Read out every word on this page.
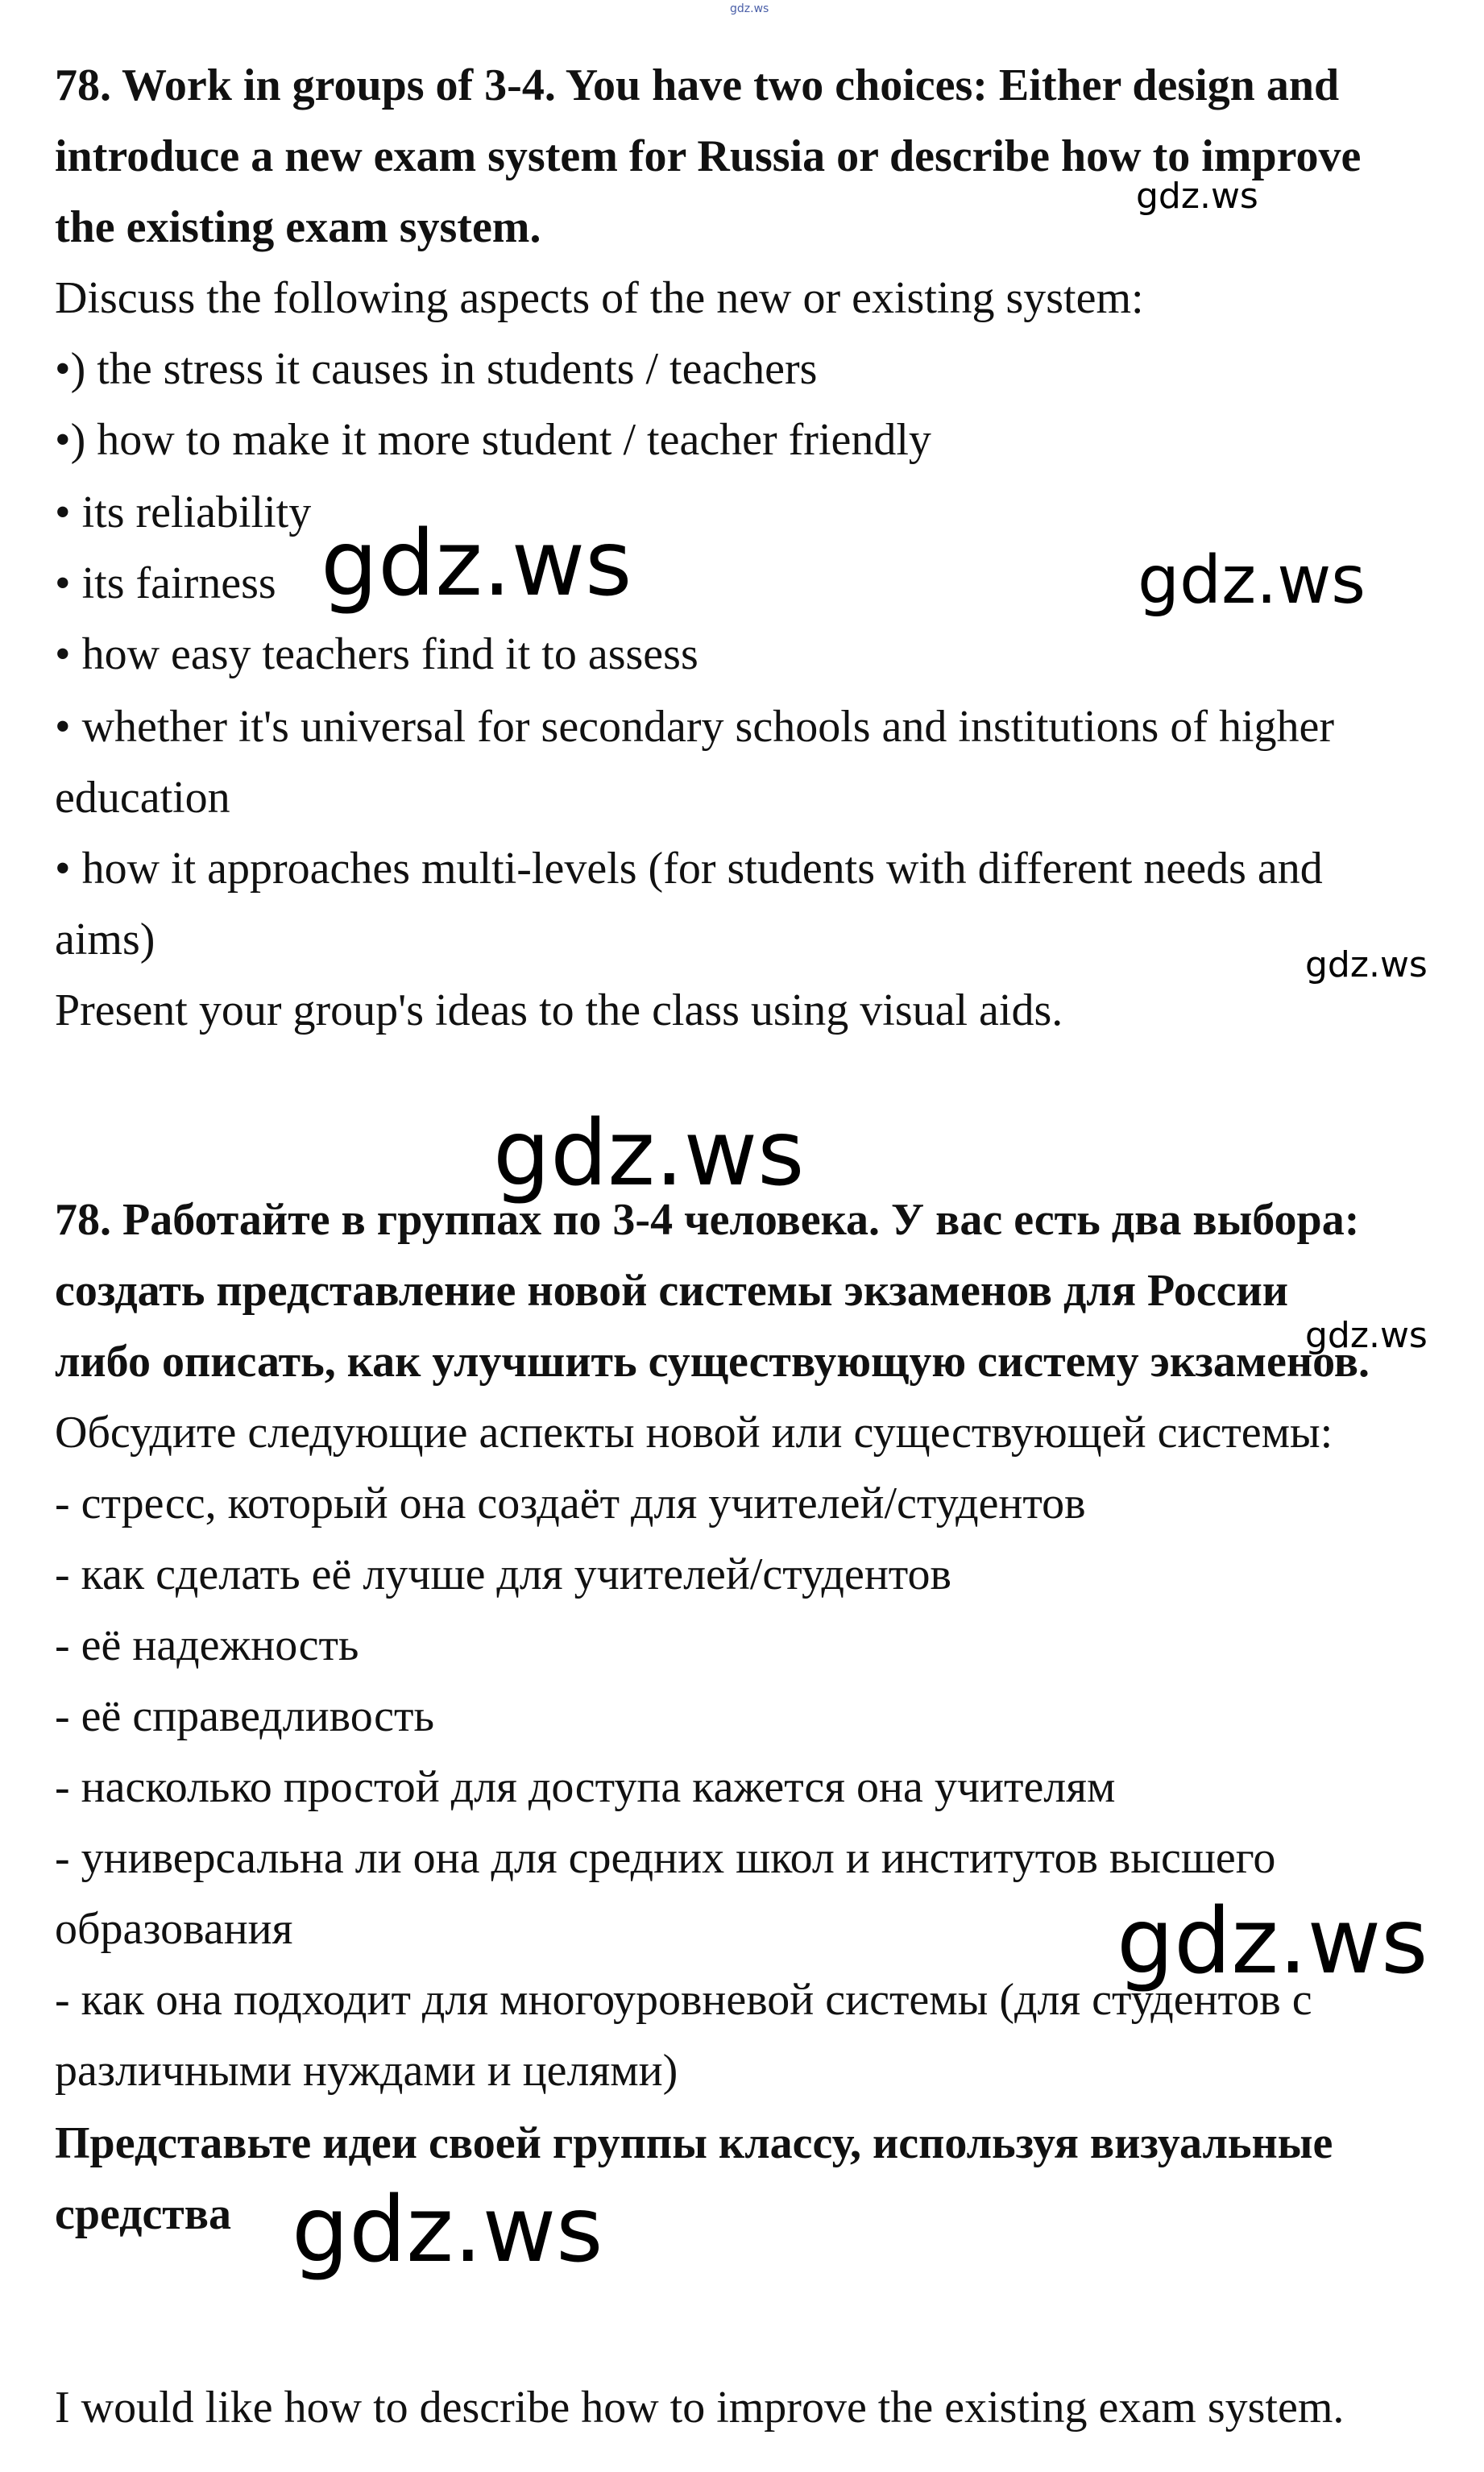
gdz.ws
gdz.ws
gdz.ws	gdz.ws
gdz.ws
gdz.ws
gdz.ws
gdz.ws
gdz.ws

78. Work in groups of 3-4. You have two choices: Either design and

introduce a new exam system for Russia or describe how to improve

the existing exam system.

Discuss the following aspects of the new or existing system:

•) the stress it causes in students / teachers

•) how to make it more student / teacher friendly

• its reliability

• its fairness

• how easy teachers find it to assess

• whether it's universal for secondary schools and institutions of higher

education

• how it approaches multi-levels (for students with different needs and

aims)

Present your group's ideas to the class using visual aids.

78. Работайте в группах по 3-4 человека. У вас есть два выбора:

создать представление новой системы экзаменов для России

либо описать, как улучшить существующую систему экзаменов.

Обсудите следующие аспекты новой или существующей системы:

- стресс, который она создаёт для учителей/студентов

- как сделать её лучше для учителей/студентов

- её надежность

- её справедливость

- насколько простой для доступа кажется она учителям

- универсальна ли она для средних школ и институтов высшего

образования

- как она подходит для многоуровневой системы (для студентов с

различными нуждами и целями)

Представьте идеи своей группы классу, используя визуальные

средства

I would like how to describe how to improve the existing exam system.
